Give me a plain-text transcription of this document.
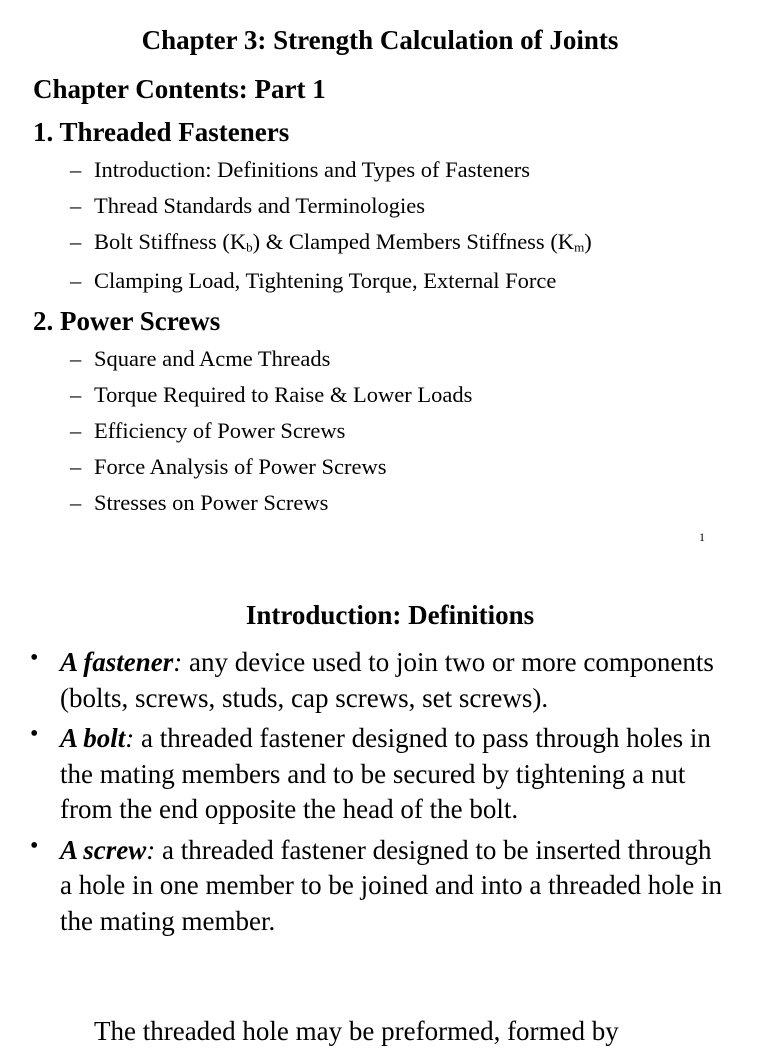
Chapter 3: Strength Calculation of Joints
Chapter Contents: Part 1
1. Threaded Fasteners
– Introduction: Definitions and Types of Fasteners
– Thread Standards and Terminologies
– Bolt Stiffness $(K_b)$ & Clamped Members Stiffness $(K_m)$
– Clamping Load, Tightening Torque, External Force
2. Power Screws
– Square and Acme Threads
– Torque Required to Raise & Lower Loads
– Efficiency of Power Screws
– Force Analysis of Power Screws
– Stresses on Power Screws
1
Introduction: Definitions
• A fastener: any device used to join two or more components (bolts, screws, studs, cap screws, set screws).
• A bolt: a threaded fastener designed to pass through holes in the mating members and to be secured by tightening a nut from the end opposite the head of the bolt.
• A screw: a threaded fastener designed to be inserted through a hole in one member to be joined and into a threaded hole in the mating member.
The threaded hole may be preformed, formed by
